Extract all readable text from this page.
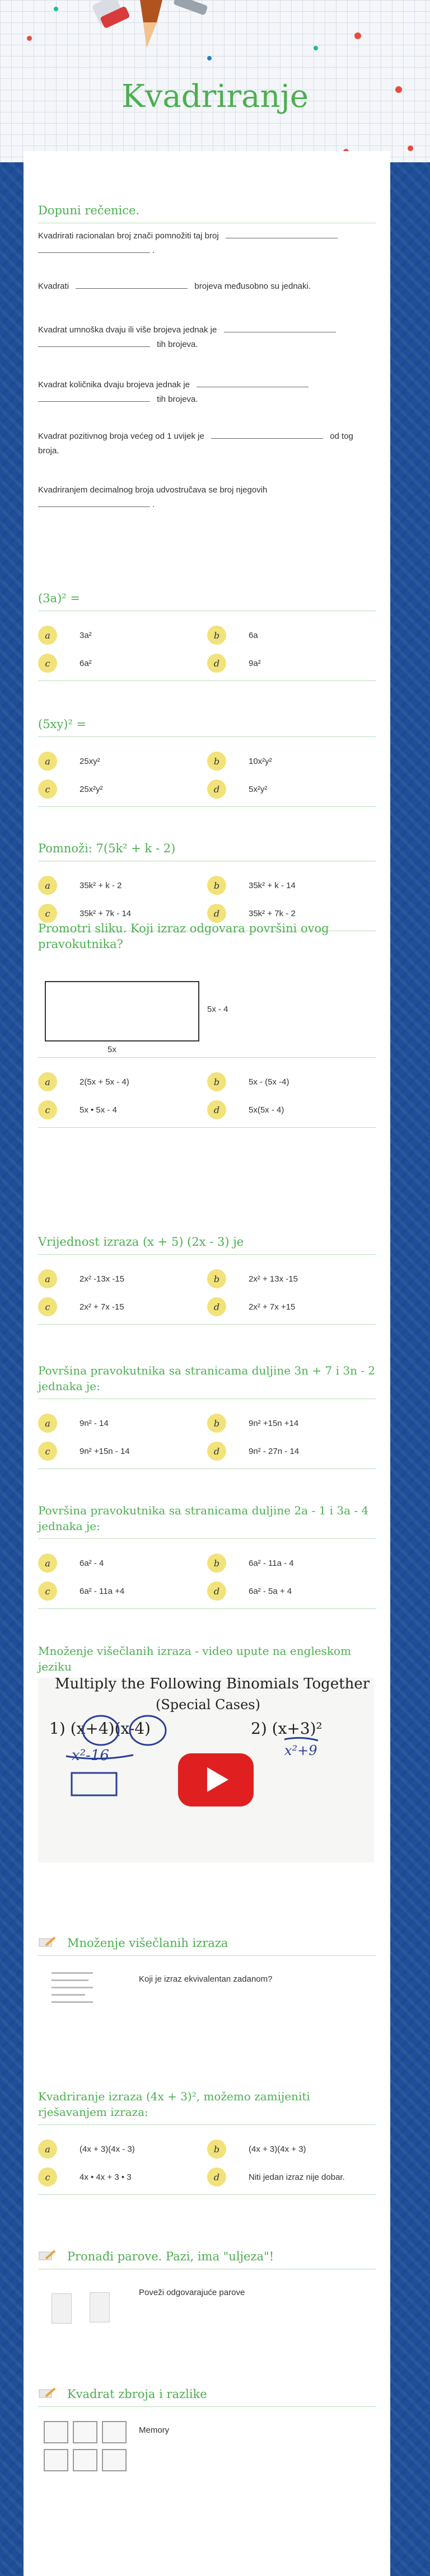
Kvadriranje
Dopuni rečenice.
Kvadrirati racionalan broj znači pomnožiti taj broj
.
Kvadrati	brojeva međusobno su jednaki.
Kvadrat umnoška dvaju ili više brojeva jednak je
tih brojeva.
Kvadrat količnika dvaju brojeva jednak je
tih brojeva.
Kvadrat pozitivnog broja većeg od 1 uvijek je	od tog broja.
Kvadriranjem decimalnog broja udvostručava se broj njegovih
.
(3a)² =
a	3a²	b	6a
c	6a²	d	9a²
(5xy)² =
a	25xy²	b	10x²y²
c	25x²y²	d	5x²y²
Pomnoži: 7(5k² + k - 2)
a	35k² + k - 2	b	35k² + k - 14
c	35k² + 7k - 14	d	35k² + 7k - 2
Promotri sliku. Koji izraz odgovara površini ovog pravokutnika?
5x - 4
5x
a	2(5x + 5x - 4)	b	5x - (5x -4)
c	5x • 5x - 4	d	5x(5x - 4)
Vrijednost izraza (x + 5) (2x - 3) je
a	2x² -13x -15	b	2x² + 13x -15
c	2x² + 7x -15	d	2x² + 7x +15
Površina pravokutnika sa stranicama duljine 3n + 7 i 3n - 2 jednaka je:
a	9n² - 14	b	9n² +15n +14
c	9n² +15n - 14	d	9n² - 27n - 14
Površina pravokutnika sa stranicama duljine 2a - 1 i 3a - 4 jednaka je:
a	6a² - 4	b	6a² - 11a - 4
c	6a² - 11a +4	d	6a² - 5a + 4
Množenje višečlanih izraza - video upute na engleskom jeziku
Multiply the Following Binomials Together
(Special Cases)
1) (x+4)(x-4)	2) (x+3)²
x²-16	x²+9
Množenje višečlanih izraza
Koji je izraz ekvivalentan zadanom?
Kvadriranje izraza (4x + 3)², možemo zamijeniti rješavanjem izraza:
a	(4x + 3)(4x - 3)	b	(4x + 3)(4x + 3)
c	4x • 4x + 3 • 3	d	Niti jedan izraz nije dobar.
Pronađi parove. Pazi, ima "uljeza"!
Poveži odgovarajuće parove
Kvadrat zbroja i razlike
Memory
